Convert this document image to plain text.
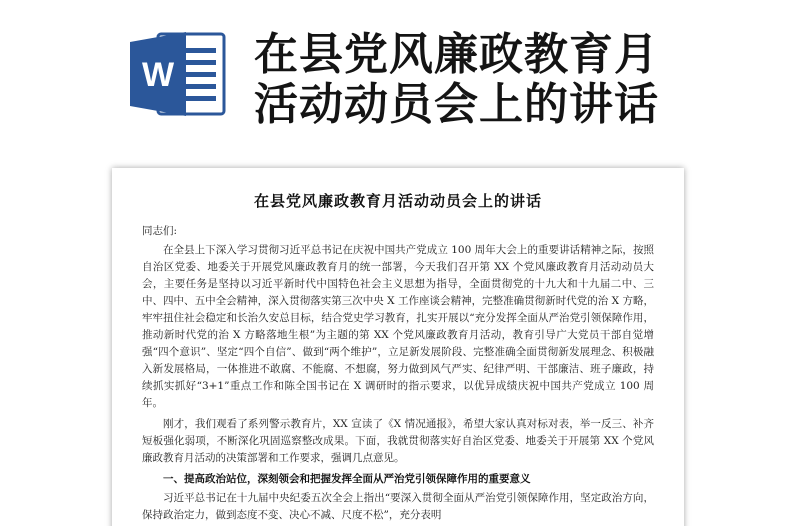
W 在县党风廉政教育月
活动动员会上的讲话
在县党风廉政教育月活动动员会上的讲话
同志们:

在全县上下深入学习贯彻习近平总书记在庆祝中国共产党成立 100 周年大会上的重要讲话精神之际，按照自治区党委、地委关于开展党风廉政教育月的统一部署，今天我们召开第 XX 个党风廉政教育月活动动员大会，主要任务是坚持以习近平新时代中国特色社会主义思想为指导，全面贯彻党的十九大和十九届二中、三中、四中、五中全会精神，深入贯彻落实第三次中央 X 工作座谈会精神，完整准确贯彻新时代党的治 X 方略，牢牢扭住社会稳定和长治久安总目标，结合党史学习教育，扎实开展以“充分发挥全面从严治党引领保障作用，推动新时代党的治 X 方略落地生根”为主题的第 XX 个党风廉政教育月活动，教育引导广大党员干部自觉增强“四个意识”、坚定“四个自信”、做到“两个维护”，立足新发展阶段、完整准确全面贯彻新发展理念、积极融入新发展格局，一体推进不敢腐、不能腐、不想腐，努力做到风气严实、纪律严明、干部廉洁、班子廉政，持续抓实抓好“3+1”重点工作和陈全国书记在 X 调研时的指示要求，以优异成绩庆祝中国共产党成立 100 周年。

刚才，我们观看了系列警示教育片，XX 宣读了《X 情况通报》，希望大家认真对标对表，举一反三、补齐短板强化弱项，不断深化巩固巡察整改成果。下面，我就贯彻落实好自治区党委、地委关于开展第 XX 个党风廉政教育月活动的决策部署和工作要求，强调几点意见。

一、提高政治站位，深刻领会和把握发挥全面从严治党引领保障作用的重要意义

习近平总书记在十九届中央纪委五次全会上指出“要深入贯彻全面从严治党引领保障作用，坚定政治方向，保持政治定力，做到态度不变、决心不减、尺度不松”，充分表明
